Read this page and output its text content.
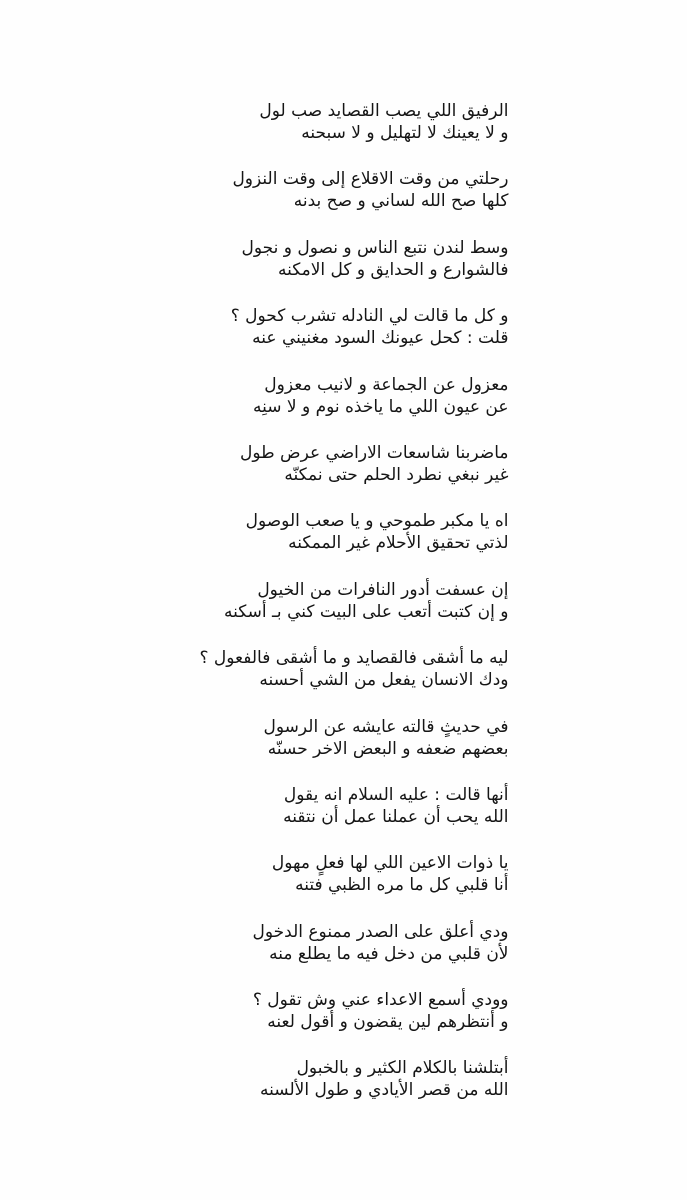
الرفيق اللي يصب القصايد صب لول
و لا يعينك لا لتهليل و لا سبحنه
رحلتي من وقت الاقلاع إلى وقت النزول
كلها صح الله لساني و صح بدنه
وسط لندن نتبع الناس و نصول و نجول
فالشوارع و الحدايق و كل الامكنه
و كل ما قالت لي النادله تشرب كحول ؟
قلت : كحل عيونك السود مغنيني عنه
معزول عن الجماعة و لانيب معزول
عن عيون اللي ما ياخذه نوم و لا سنِه
ماضربنا شاسعات الاراضي عرض طول
غير نبغي نطرد الحلم حتى نمكنّه
اه يا مكبر طموحي و يا صعب الوصول
لذتي تحقيق الأحلام غير الممكنه
إن عسفت أدور النافرات من الخيول
و إن كتبت أتعب على البيت كني بـ أسكنه
ليه ما أشقى فالقصايد و ما أشقى فالفعول ؟
ودك الانسان يفعل من الشي أحسنه
في حديثٍ قالته عايشه عن الرسول
بعضهم ضعفه و البعض الاخر حسنّه
أنها قالت : عليه السلام انه يقول
الله يحب أن عملنا عمل أن نتقنه
يا ذوات الاعين اللي لها فعلٍ مهول
أنا قلبي كل ما مره الظبي فتنه
ودي أعلق على الصدر ممنوع الدخول
لأن قلبي من دخل فيه ما يطلع منه
وودي أسمع الاعداء عني وش تقول ؟
و أنتظرهم لين يقضون و أقول لعنه
أبتلشنا بالكلام الكثير و بالخبول
الله من قصر الأيادي و طول الألسنه
